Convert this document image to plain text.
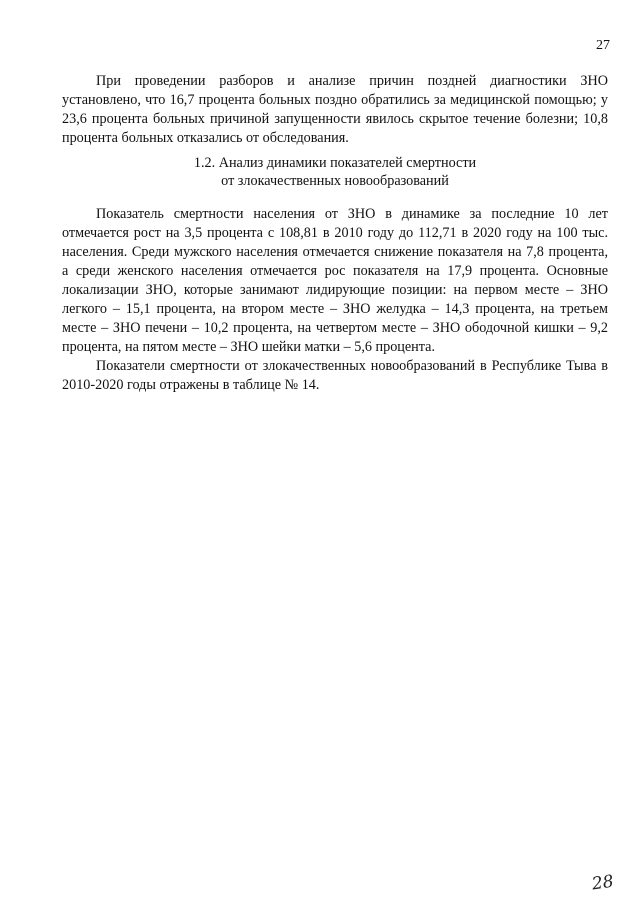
27

При проведении разборов и анализе причин поздней диагностики ЗНО установлено, что 16,7 процента больных поздно обратились за медицинской помощью; у 23,6 процента больных причиной запущенности явилось скрытое течение болезни; 10,8 процента больных отказались от обследования.

1.2. Анализ динамики показателей смертности
от злокачественных новообразований

Показатель смертности населения от ЗНО в динамике за последние 10 лет отмечается рост на 3,5 процента с 108,81 в 2010 году до 112,71 в 2020 году на 100 тыс. населения. Среди мужского населения отмечается снижение показателя на 7,8 процента, а среди женского населения отмечается рос показателя на 17,9 процента. Основные локализации ЗНО, которые занимают лидирующие позиции: на первом месте – ЗНО легкого – 15,1 процента, на втором месте – ЗНО желудка – 14,3 процента, на третьем месте – ЗНО печени – 10,2 процента, на четвертом месте – ЗНО ободочной кишки – 9,2 процента, на пятом месте – ЗНО шейки матки – 5,6 процента.

Показатели смертности от злокачественных новообразований в Республике Тыва в 2010-2020 годы отражены в таблице № 14.

28
